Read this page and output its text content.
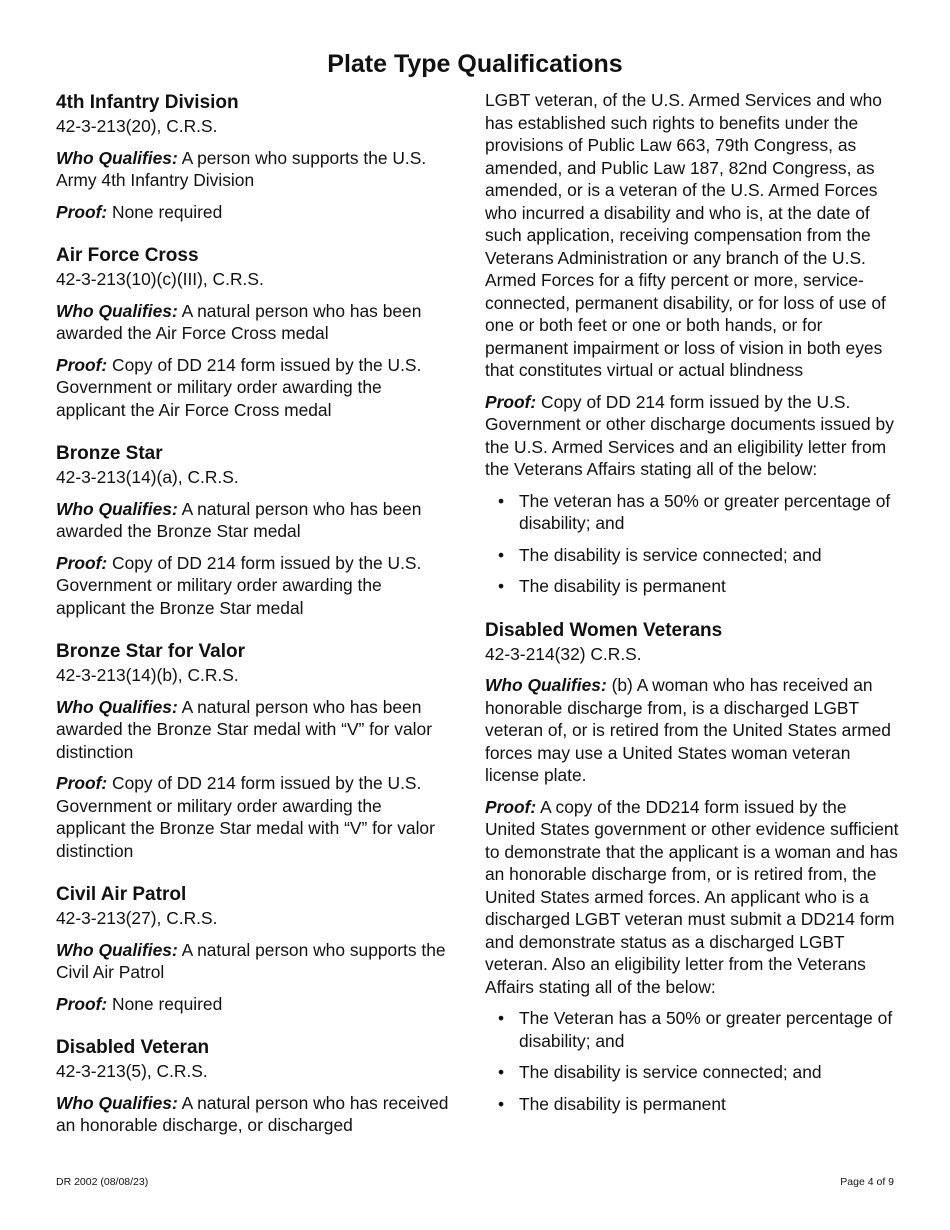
Plate Type Qualifications
4th Infantry Division
42-3-213(20), C.R.S.
Who Qualifies: A person who supports the U.S. Army 4th Infantry Division
Proof: None required
Air Force Cross
42-3-213(10)(c)(III), C.R.S.
Who Qualifies: A natural person who has been awarded the Air Force Cross medal
Proof: Copy of DD 214 form issued by the U.S. Government or military order awarding the applicant the Air Force Cross medal
Bronze Star
42-3-213(14)(a), C.R.S.
Who Qualifies: A natural person who has been awarded the Bronze Star medal
Proof: Copy of DD 214 form issued by the U.S. Government or military order awarding the applicant the Bronze Star medal
Bronze Star for Valor
42-3-213(14)(b), C.R.S.
Who Qualifies: A natural person who has been awarded the Bronze Star medal with “V” for valor distinction
Proof: Copy of DD 214 form issued by the U.S. Government or military order awarding the applicant the Bronze Star medal with “V” for valor distinction
Civil Air Patrol
42-3-213(27), C.R.S.
Who Qualifies: A natural person who supports the Civil Air Patrol
Proof: None required
Disabled Veteran
42-3-213(5), C.R.S.
Who Qualifies: A natural person who has received an honorable discharge, or discharged
LGBT veteran, of the U.S. Armed Services and who has established such rights to benefits under the provisions of Public Law 663, 79th Congress, as amended, and Public Law 187, 82nd Congress, as amended, or is a veteran of the U.S. Armed Forces who incurred a disability and who is, at the date of such application, receiving compensation from the Veterans Administration or any branch of the U.S. Armed Forces for a fifty percent or more, service-connected, permanent disability, or for loss of use of one or both feet or one or both hands, or for permanent impairment or loss of vision in both eyes that constitutes virtual or actual blindness
Proof: Copy of DD 214 form issued by the U.S. Government or other discharge documents issued by the U.S. Armed Services and an eligibility letter from the Veterans Affairs stating all of the below:
• The veteran has a 50% or greater percentage of disability; and
• The disability is service connected; and
• The disability is permanent
Disabled Women Veterans
42-3-214(32) C.R.S.
Who Qualifies: (b) A woman who has received an honorable discharge from, is a discharged LGBT veteran of, or is retired from the United States armed forces may use a United States woman veteran license plate.
Proof: A copy of the DD214 form issued by the United States government or other evidence sufficient to demonstrate that the applicant is a woman and has an honorable discharge from, or is retired from, the United States armed forces. An applicant who is a discharged LGBT veteran must submit a DD214 form and demonstrate status as a discharged LGBT veteran. Also an eligibility letter from the Veterans Affairs stating all of the below:
• The Veteran has a 50% or greater percentage of disability; and
• The disability is service connected; and
• The disability is permanent
DR 2002 (08/08/23)	Page 4 of 9
